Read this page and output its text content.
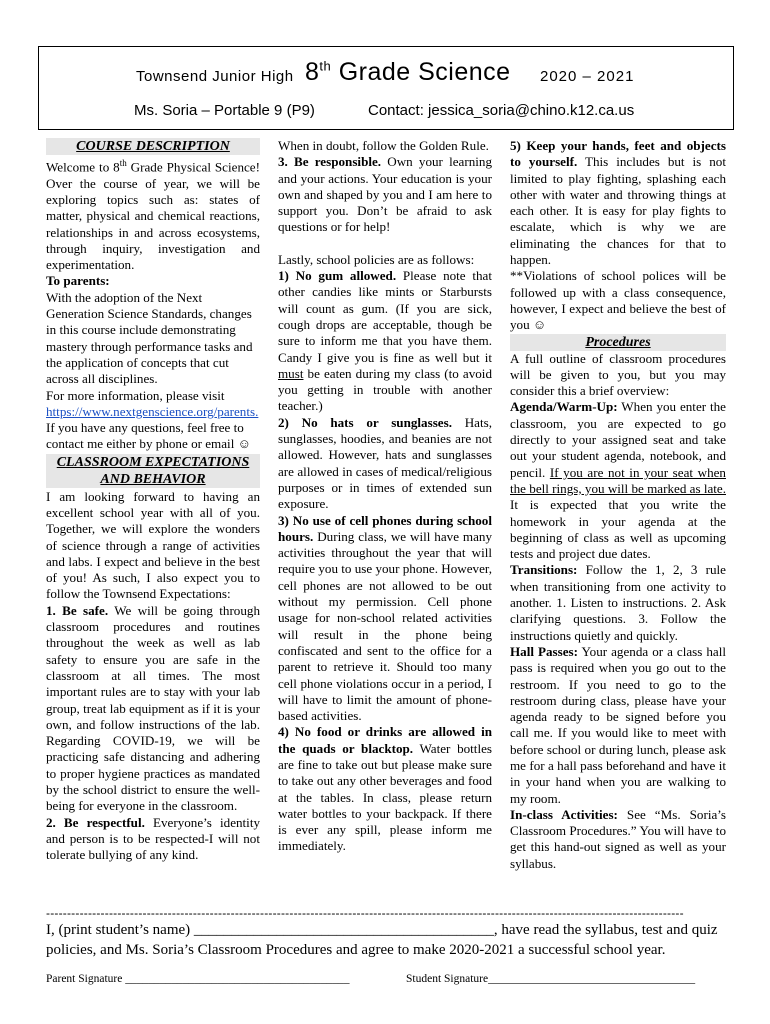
Townsend Junior High 8th Grade Science 2020 – 2021
Ms. Soria – Portable 9 (P9)	Contact: jessica_soria@chino.k12.ca.us
COURSE DESCRIPTION

Welcome to 8th Grade Physical Science! Over the course of year, we will be exploring topics such as: states of matter, physical and chemical reactions, relationships in and across ecosystems, through inquiry, investigation and experimentation.

To parents:

With the adoption of the Next Generation Science Standards, changes in this course include demonstrating mastery through performance tasks and the application of concepts that cut across all disciplines.

For more information, please visit

https://www.nextgenscience.org/parents.

If you have any questions, feel free to contact me either by phone or email ☺

CLASSROOM EXPECTATIONS
AND BEHAVIOR

I am looking forward to having an excellent school year with all of you. Together, we will explore the wonders of science through a range of activities and labs. I expect and believe in the best of you! As such, I also expect you to follow the Townsend Expectations:

1. Be safe. We will be going through classroom procedures and routines throughout the week as well as lab safety to ensure you are safe in the classroom at all times. The most important rules are to stay with your lab group, treat lab equipment as if it is your own, and follow instructions of the lab. Regarding COVID-19, we will be practicing safe distancing and adhering to proper hygiene practices as mandated by the school district to ensure the well-being for everyone in the classroom.

2. Be respectful. Everyone’s identity and person is to be respected-I will not tolerate bullying of any kind.

When in doubt, follow the Golden Rule.

3. Be responsible. Own your learning and your actions. Your education is your own and shaped by you and I am here to support you. Don’t be afraid to ask questions or for help!

Lastly, school policies are as follows:

1) No gum allowed. Please note that other candies like mints or Starbursts will count as gum. (If you are sick, cough drops are acceptable, though be sure to inform me that you have them. Candy I give you is fine as well but it must be eaten during my class (to avoid you getting in trouble with another teacher.)

2) No hats or sunglasses. Hats, sunglasses, hoodies, and beanies are not allowed. However, hats and sunglasses are allowed in cases of medical/religious purposes or in times of extended sun exposure.

3) No use of cell phones during school hours. During class, we will have many activities throughout the year that will require you to use your phone. However, cell phones are not allowed to be out without my permission. Cell phone usage for non-school related activities will result in the phone being confiscated and sent to the office for a parent to retrieve it. Should too many cell phone violations occur in a period, I will have to limit the amount of phone-based activities.

4) No food or drinks are allowed in the quads or blacktop. Water bottles are fine to take out but please make sure to take out any other beverages and food at the tables. In class, please return water bottles to your backpack. If there is ever any spill, please inform me immediately.

5) Keep your hands, feet and objects to yourself. This includes but is not limited to play fighting, splashing each other with water and throwing things at each other. It is easy for play fights to escalate, which is why we are eliminating the chances for that to happen.

**Violations of school polices will be followed up with a class consequence, however, I expect and believe the best of you ☺

Procedures

A full outline of classroom procedures will be given to you, but you may consider this a brief overview:

Agenda/Warm-Up: When you enter the classroom, you are expected to go directly to your assigned seat and take out your student agenda, notebook, and pencil. If you are not in your seat when the bell rings, you will be marked as late. It is expected that you write the homework in your agenda at the beginning of class as well as upcoming tests and project due dates.

Transitions: Follow the 1, 2, 3 rule when transitioning from one activity to another. 1. Listen to instructions. 2. Ask clarifying questions. 3. Follow the instructions quietly and quickly.

Hall Passes: Your agenda or a class hall pass is required when you go out to the restroom. If you need to go to the restroom during class, please have your agenda ready to be signed before you call me. If you would like to meet with before school or during lunch, please ask me for a hall pass beforehand and have it in your hand when you are walking to my room.

In-class Activities: See “Ms. Soria’s Classroom Procedures.” You will have to get this hand-out signed as well as your syllabus.

--------------------------------------------------------------------------------------------------------------------------------------------------------
I, (print student’s name) ________________________________________, have read the syllabus, test and quiz policies, and Ms. Soria’s Classroom Procedures and agree to make 2020-2021 a successful school year.
Parent Signature _______________________________________	Student Signature____________________________________
